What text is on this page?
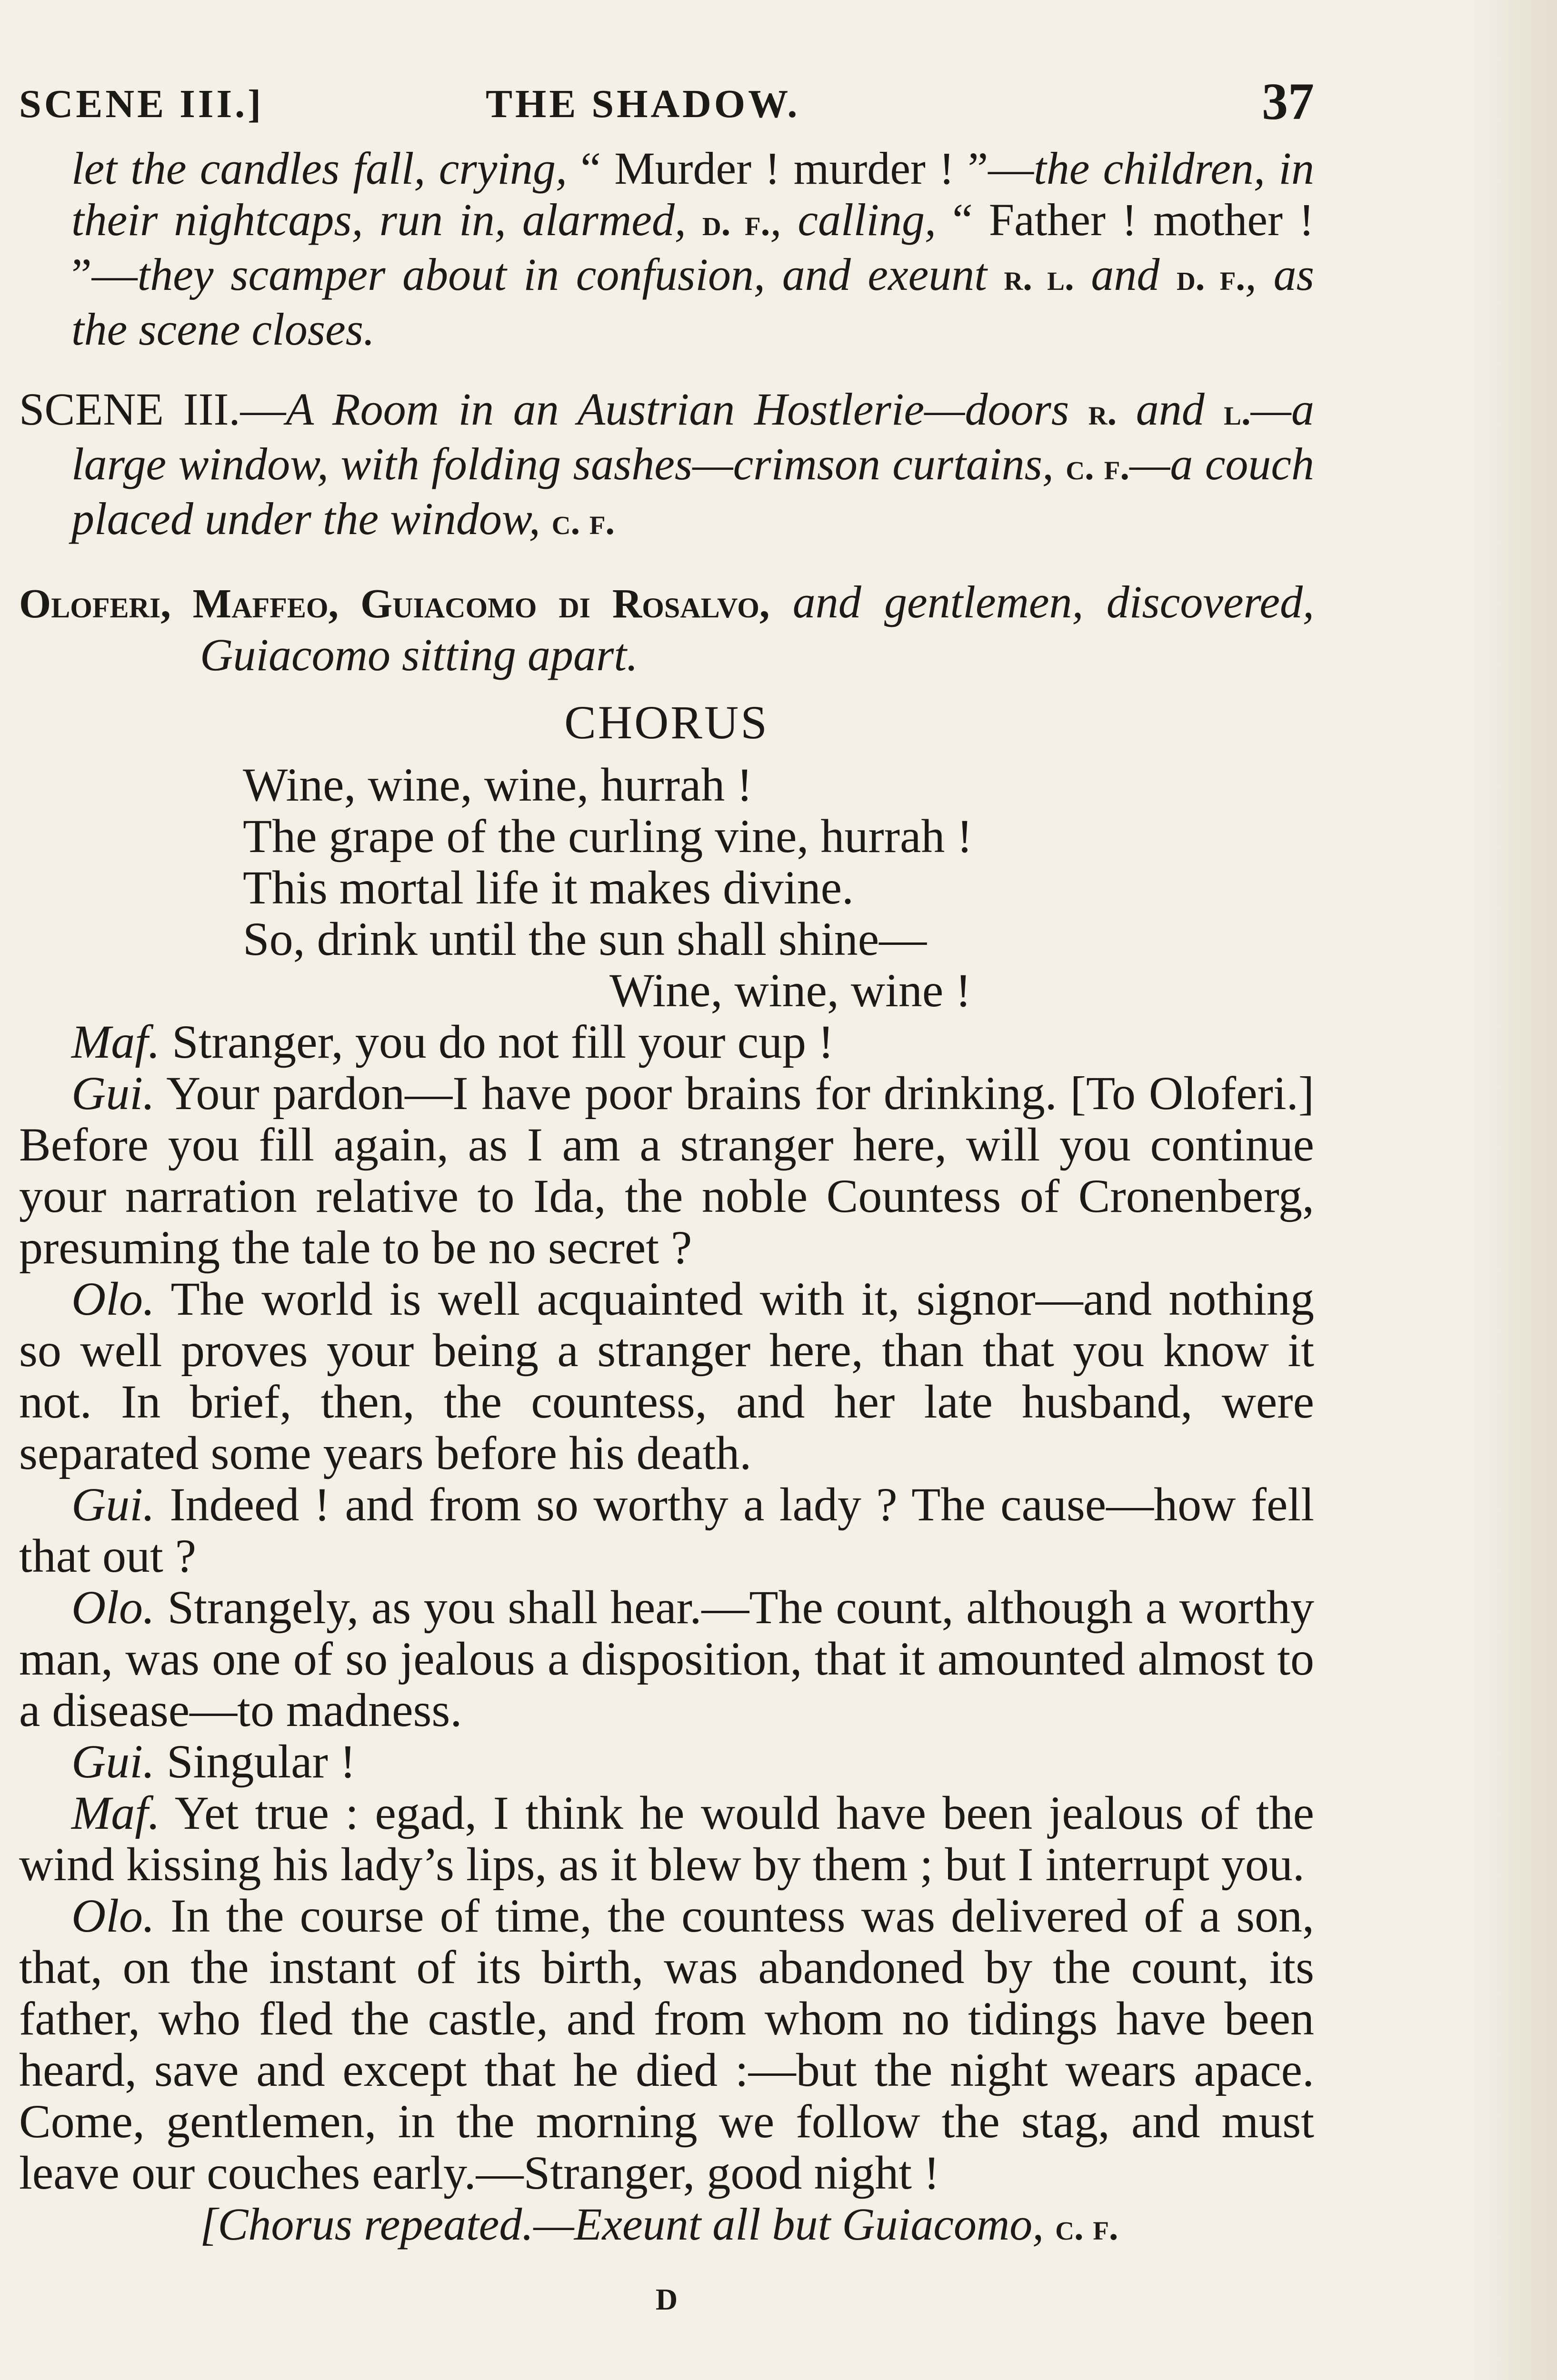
SCENE III.]	THE SHADOW.	37
let the candles fall, crying, “ Murder ! murder ! ”—the children, in their nightcaps, run in, alarmed, d. f., calling, “ Father ! mother ! ”—they scamper about in confusion, and exeunt r. l. and d. f., as the scene closes.
SCENE III.—A Room in an Austrian Hostlerie—doors r. and l.—a large window, with folding sashes—crimson curtains, c. f.—a couch placed under the window, c. f.
Oloferi, Maffeo, Guiacomo di Rosalvo, and gentlemen, discovered, Guiacomo sitting apart.
CHORUS
Wine, wine, wine, hurrah !
The grape of the curling vine, hurrah !
This mortal life it makes divine.
So, drink until the sun shall shine—
Wine, wine, wine !
Maf. Stranger, you do not fill your cup !
Gui. Your pardon—I have poor brains for drinking. [To Oloferi.] Before you fill again, as I am a stranger here, will you continue your narration relative to Ida, the noble Countess of Cronenberg, presuming the tale to be no secret ?
Olo. The world is well acquainted with it, signor—and nothing so well proves your being a stranger here, than that you know it not. In brief, then, the countess, and her late husband, were separated some years before his death.
Gui. Indeed ! and from so worthy a lady ? The cause—how fell that out ?
Olo. Strangely, as you shall hear.—The count, although a worthy man, was one of so jealous a disposition, that it amounted almost to a disease—to madness.
Gui. Singular !
Maf. Yet true : egad, I think he would have been jealous of the wind kissing his lady’s lips, as it blew by them ; but I interrupt you.
Olo. In the course of time, the countess was delivered of a son, that, on the instant of its birth, was abandoned by the count, its father, who fled the castle, and from whom no tidings have been heard, save and except that he died :—but the night wears apace. Come, gentlemen, in the morning we follow the stag, and must leave our couches early.—Stranger, good night !
[Chorus repeated.—Exeunt all but Guiacomo, c. f.
D
